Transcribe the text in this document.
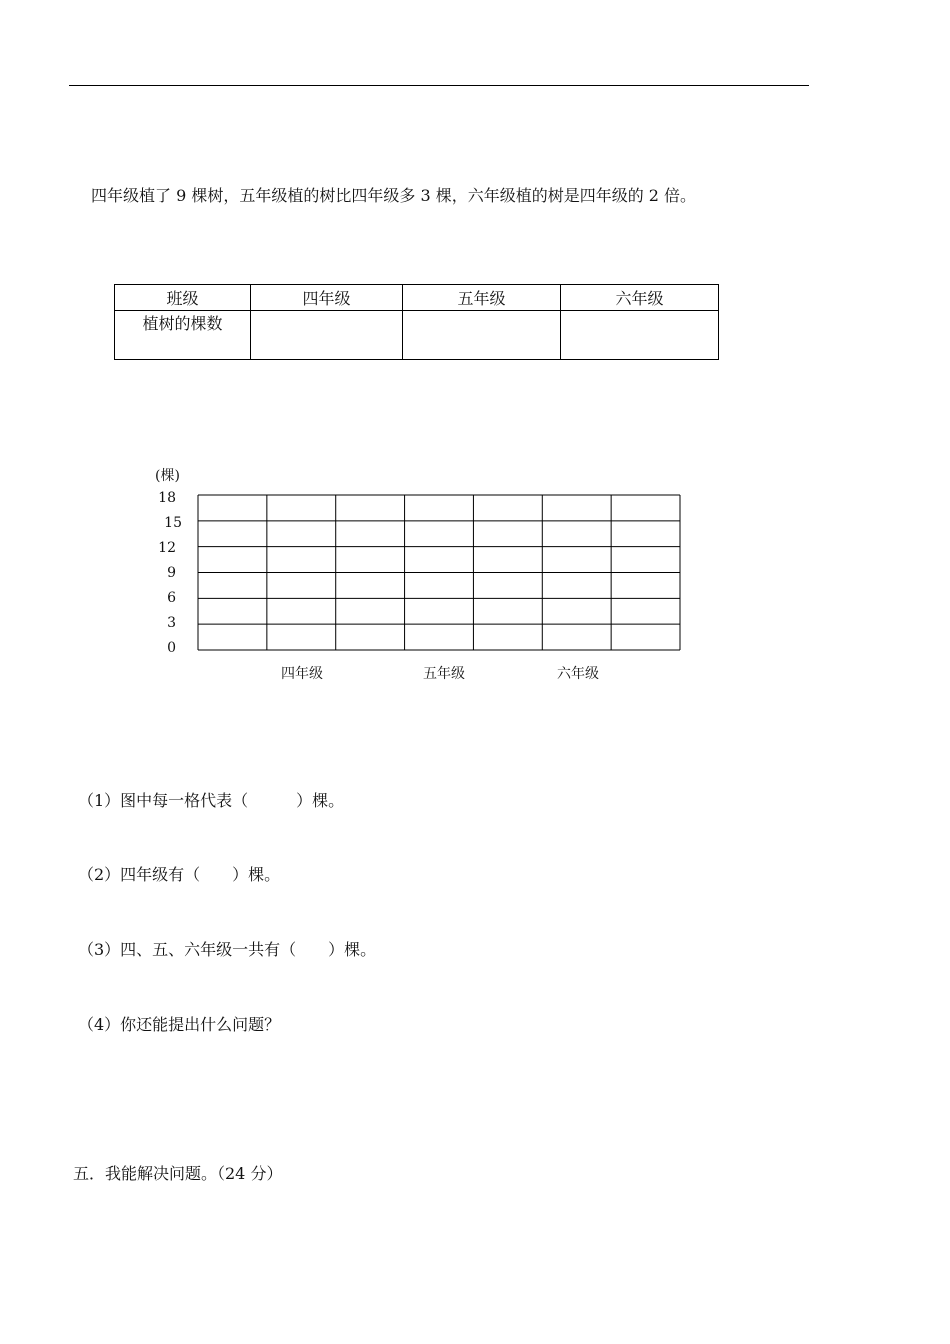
四年级植了 9 棵树，五年级植的树比四年级多 3 棵，六年级植的树是四年级的 2 倍。
班级	四年级	五年级	六年级
植树的棵数			
(棵)
18
15
12
9
6
3
0
四年级	五年级	六年级
（1）图中每一格代表（　　　）棵。
（2）四年级有（　　）棵。
（3）四、五、六年级一共有（　　）棵。
（4）你还能提出什么问题？
五．我能解决问题。（24 分）
